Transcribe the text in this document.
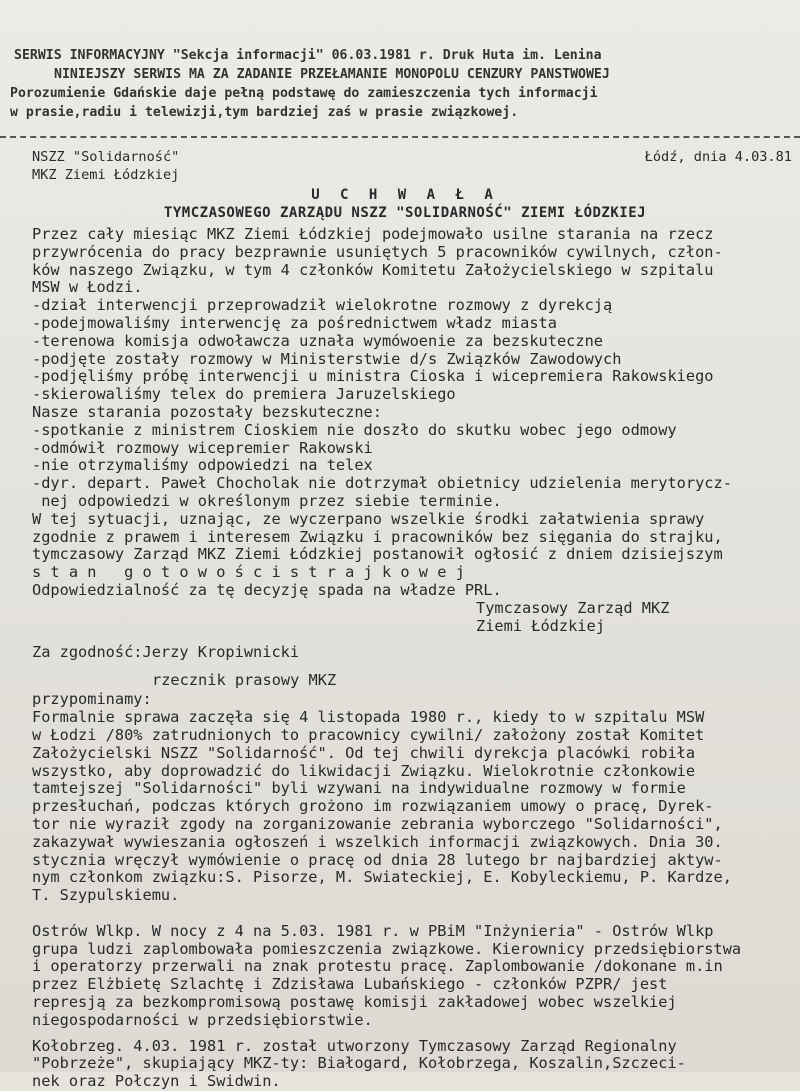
SERWIS INFORMACYJNY "Sekcja informacji" 06.03.1981 r. Druk Huta im. Lenina
NINIEJSZY SERWIS MA ZA ZADANIE PRZEŁAMANIE MONOPOLU CENZURY PANSTWOWEJ
Porozumienie Gdańskie daje pełną podstawę do zamieszczenia tych informacji
w prasie,radiu i telewizji,tym bardziej zaś w prasie związkowej.
NSZZ "Solidarność"
MKZ Ziemi Łódzkiej
Łódź, dnia 4.03.81
U C H W A Ł A
TYMCZASOWEGO ZARZĄDU NSZZ "SOLIDARNOŚĆ" ZIEMI ŁÓDZKIEJ
Przez cały miesiąc MKZ Ziemi Łódzkiej podejmowało usilne starania na rzecz
przywrócenia do pracy bezprawnie usuniętych 5 pracowników cywilnych, człon-
ków naszego Związku, w tym 4 członków Komitetu Założycielskiego w szpitalu
MSW w Łodzi.
-dział interwencji przeprowadził wielokrotne rozmowy z dyrekcją
-podejmowaliśmy interwencję za pośrednictwem władz miasta
-terenowa komisja odwoławcza uznała wymówoenie za bezskuteczne
-podjęte zostały rozmowy w Ministerstwie d/s Związków Zawodowych
-podjęliśmy próbę interwencji u ministra Cioska i wicepremiera Rakowskiego
-skierowaliśmy telex do premiera Jaruzelskiego
Nasze starania pozostały bezskuteczne:
-spotkanie z ministrem Cioskiem nie doszło do skutku wobec jego odmowy
-odmówił rozmowy wicepremier Rakowski
-nie otrzymaliśmy odpowiedzi na telex
-dyr. depart. Paweł Chocholak nie dotrzymał obietnicy udzielenia merytorycz-
nej odpowiedzi w określonym przez siebie terminie.
W tej sytuacji, uznając, ze wyczerpano wszelkie środki załatwienia sprawy
zgodnie z prawem i interesem Związku i pracowników bez sięgania do strajku,
tymczasowy Zarząd MKZ Ziemi Łódzkiej postanowił ogłosić z dniem dzisiejszym
s t a n   g o t o w o ś c i s t r a j k o w e j
Odpowiedzialność za tę decyzję spada na władze PRL.
Tymczasowy Zarząd MKZ
Ziemi Łódzkiej
Za zgodność:Jerzy Kropiwnicki
rzecznik prasowy MKZ
przypominamy:
Formalnie sprawa zaczęła się 4 listopada 1980 r., kiedy to w szpitalu MSW
w Łodzi /80% zatrudnionych to pracownicy cywilni/ założony został Komitet
Założycielski NSZZ "Solidarność". Od tej chwili dyrekcja placówki robiła
wszystko, aby doprowadzić do likwidacji Związku. Wielokrotnie członkowie
tamtejszej "Solidarności" byli wzywani na indywidualne rozmowy w formie
przesłuchań, podczas których grożono im rozwiązaniem umowy o pracę, Dyrek-
tor nie wyraził zgody na zorganizowanie zebrania wyborczego "Solidarności",
zakazywał wywieszania ogłoszeń i wszelkich informacji związkowych. Dnia 30.
stycznia wręczył wymówienie o pracę od dnia 28 lutego br najbardziej aktyw-
nym członkom związku:S. Pisorze, M. Swiateckiej, E. Kobyleckiemu, P. Kardze,
T. Szypulskiemu.
Ostrów Wlkp. W nocy z 4 na 5.03. 1981 r. w PBiM "Inżynieria" - Ostrów Wlkp
grupa ludzi zaplombowała pomieszczenia związkowe. Kierownicy przedsiębiorstwa
i operatorzy przerwali na znak protestu pracę. Zaplombowanie /dokonane m.in
przez Elżbietę Szlachtę i Zdzisława Lubańskiego - członków PZPR/ jest
represją za bezkompromisową postawę komisji zakładowej wobec wszelkiej
niegospodarności w przedsiębiorstwie.
Kołobrzeg. 4.03. 1981 r. został utworzony Tymczasowy Zarząd Regionalny
"Pobrzeże", skupiający MKZ-ty: Białogard, Kołobrzega, Koszalin,Szczeci-
nek oraz Połczyn i Swidwin.
